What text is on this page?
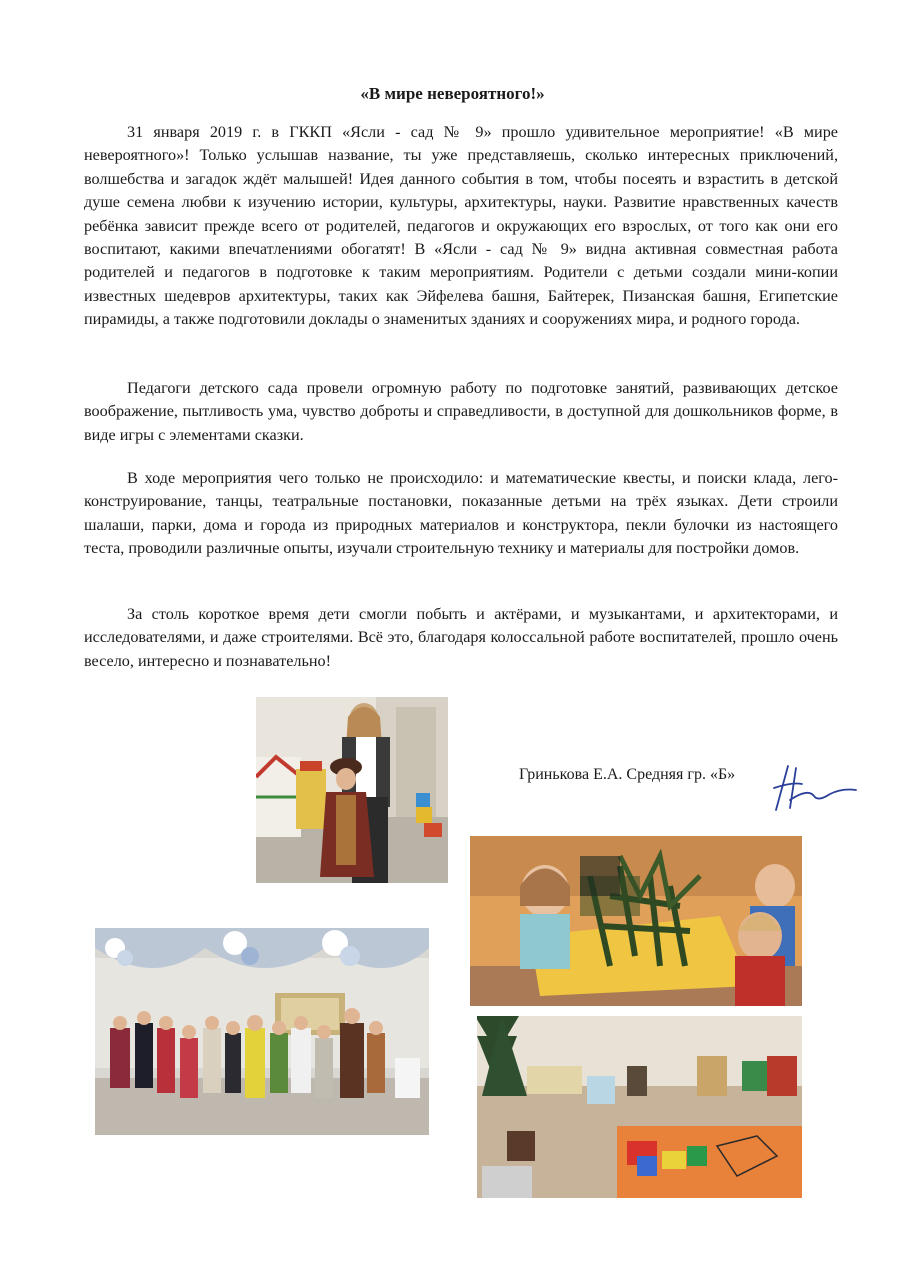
«В мире невероятного!»

31 января 2019 г. в ГККП «Ясли - сад № 9» прошло удивительное мероприятие! «В мире невероятного»! Только услышав название, ты уже представляешь, сколько интересных приключений, волшебства и загадок ждёт малышей! Идея данного события в том, чтобы посеять и взрастить в детской душе семена любви к изучению истории, культуры, архитектуры, науки. Развитие нравственных качеств ребёнка зависит прежде всего от родителей, педагогов и окружающих его взрослых, от того как они его воспитают, какими впечатлениями обогатят! В «Ясли - сад № 9» видна активная совместная работа родителей и педагогов в подготовке к таким мероприятиям. Родители с детьми создали мини-копии известных шедевров архитектуры, таких как Эйфелева башня, Байтерек, Пизанская башня, Египетские пирамиды, а также подготовили доклады о знаменитых зданиях и сооружениях мира, и родного города.

Педагоги детского сада провели огромную работу по подготовке занятий, развивающих детское воображение, пытливость ума, чувство доброты и справедливости, в доступной для дошкольников форме, в виде игры с элементами сказки.

В ходе мероприятия чего только не происходило: и математические квесты, и поиски клада, лего-конструирование, танцы, театральные постановки, показанные детьми на трёх языках. Дети строили шалаши, парки, дома и города из природных материалов и конструктора, пекли булочки из настоящего теста, проводили различные опыты, изучали строительную технику и материалы для постройки домов.

За столь короткое время дети смогли побыть и актёрами, и музыкантами, и архитекторами, и исследователями, и даже строителями. Всё это, благодаря колоссальной работе воспитателей, прошло очень весело, интересно и познавательно!

Гринькова Е.А. Средняя гр. «Б»
